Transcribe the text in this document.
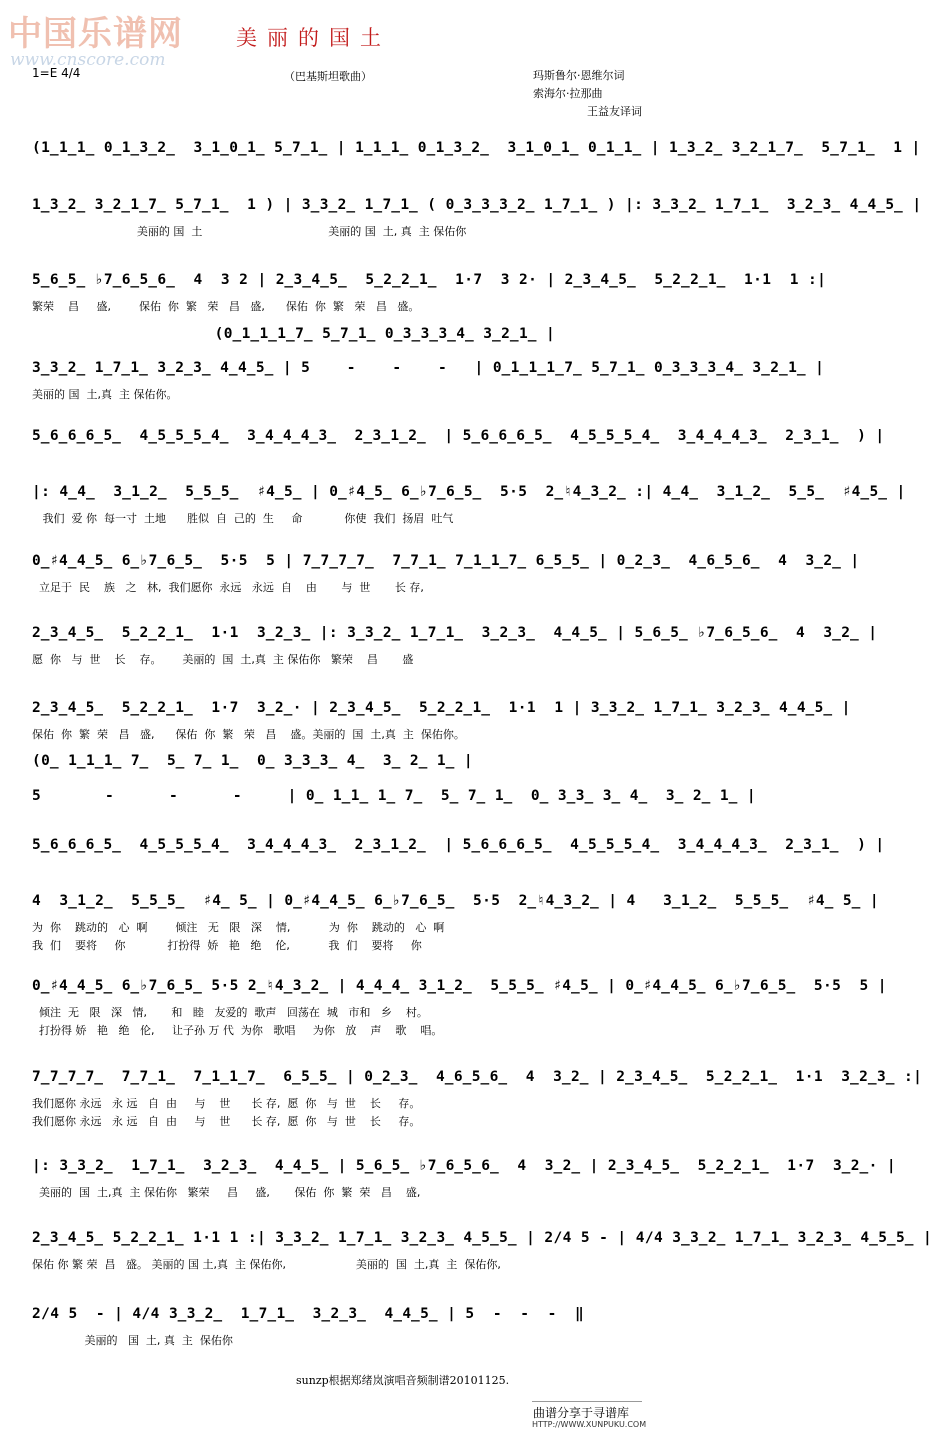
中国乐谱网
www.cnscore.com
美丽的国土
1=E 4/4	（巴基斯坦歌曲）	玛斯鲁尔·恩维尔词
索海尔·拉那曲
王益友译词
(1̲1̲1̲ 0̲1̲3̲2̲  3̲1̲0̲1̲ 5̲7̲1̲ | 1̲1̲1̲ 0̲1̲3̲2̲  3̲1̲0̲1̲ 0̲1̲1̲ | 1̲3̲2̲ 3̲2̲1̲7̲  5̲7̲1̲  1 |
1̲3̲2̲ 3̲2̲1̲7̲ 5̲7̲1̲  1 ) | 3̲3̲2̲ 1̲7̲1̲ ( 0̲3̲3̲3̲2̲ 1̲7̲1̲ ) |: 3̲3̲2̲ 1̲7̲1̲  3̲2̲3̲ 4̲4̲5̲ |
美丽的 国  土                                    美丽的 国  土, 真  主 保佑你
5̲6̲5̲ ♭7̲6̲5̲6̲  4  3 2 | 2̲3̲4̲5̲  5̲2̲2̲1̲  1·7  3 2· | 2̲3̲4̲5̲  5̲2̲2̲1̲  1·1  1 :|
繁荣    昌     盛,        保佑  你  繁   荣   昌   盛,      保佑  你  繁   荣   昌   盛。
(0̲1̲1̲1̲7̲ 5̲7̲1̲ 0̲3̲3̲3̲4̲ 3̲2̲1̲ |
3̲3̲2̲ 1̲7̲1̲ 3̲2̲3̲ 4̲4̲5̲ | 5    -    -    -   | 0̲1̲1̲1̲7̲ 5̲7̲1̲ 0̲3̲3̲3̲4̲ 3̲2̲1̲ |
美丽的 国  土,真  主 保佑你。
5̲6̲6̲6̲5̲  4̲5̲5̲5̲4̲  3̲4̲4̲4̲3̲  2̲3̲1̲2̲  | 5̲6̲6̲6̲5̲  4̲5̲5̲5̲4̲  3̲4̲4̲4̲3̲  2̲3̲1̲  ) |
|: 4̲4̲  3̲1̲2̲  5̲5̲5̲  ♯4̲5̲ | 0̲♯4̲5̲ 6̲♭7̲6̲5̲  5·5  2̲♮4̲3̲2̲ :| 4̲4̲  3̲1̲2̲  5̲5̲  ♯4̲5̲ |
我们  爱 你  每一寸  土地      胜似  自  己的  生     命            你使  我们  扬眉  吐气
0̲♯4̲4̲5̲ 6̲♭7̲6̲5̲  5·5  5 | 7̲7̲7̲7̲  7̲7̲1̲ 7̲1̲1̲7̲ 6̲5̲5̲ | 0̲2̲3̲  4̲6̲5̲6̲  4  3̲2̲ |
立足于  民    族   之   林,  我们愿你  永远   永远  自    由       与  世       长 存,
2̲3̲4̲5̲  5̲2̲2̲1̲  1·1  3̲2̲3̲ |: 3̲3̲2̲ 1̲7̲1̲  3̲2̲3̲  4̲4̲5̲ | 5̲6̲5̲ ♭7̲6̲5̲6̲  4  3̲2̲ |
愿  你   与  世    长    存。      美丽的  国  土,真  主 保佑你   繁荣    昌       盛
2̲3̲4̲5̲  5̲2̲2̲1̲  1·7  3̲2̲· | 2̲3̲4̲5̲  5̲2̲2̲1̲  1·1  1 | 3̲3̲2̲ 1̲7̲1̲ 3̲2̲3̲ 4̲4̲5̲ |
保佑  你  繁  荣   昌   盛,      保佑  你  繁   荣   昌    盛。美丽的  国  土,真  主  保佑你。
(0̲ 1̲1̲1̲ 7̲  5̲ 7̲ 1̲  0̲ 3̲3̲3̲ 4̲  3̲ 2̲ 1̲ |
5       -      -      -     | 0̲ 1̲1̲ 1̲ 7̲  5̲ 7̲ 1̲  0̲ 3̲3̲ 3̲ 4̲  3̲ 2̲ 1̲ |
5̲6̲6̲6̲5̲  4̲5̲5̲5̲4̲  3̲4̲4̲4̲3̲  2̲3̲1̲2̲  | 5̲6̲6̲6̲5̲  4̲5̲5̲5̲4̲  3̲4̲4̲4̲3̲  2̲3̲1̲  ) |
4  3̲1̲2̲  5̲5̲5̲  ♯4̲ 5̲ | 0̲♯4̲4̲5̲ 6̲♭7̲6̲5̲  5·5  2̲♮4̲3̲2̲ | 4   3̲1̲2̲  5̲5̲5̲  ♯4̲ 5̲ |
为  你    跳动的   心  啊        倾注   无   限   深    情,           为  你    跳动的   心  啊
我  们    要将     你            打扮得  娇   艳   绝    伦,           我  们    要将     你
0̲♯4̲4̲5̲ 6̲♭7̲6̲5̲ 5·5 2̲♮4̲3̲2̲ | 4̲4̲4̲ 3̲1̲2̲  5̲5̲5̲ ♯4̲5̲ | 0̲♯4̲4̲5̲ 6̲♭7̲6̲5̲  5·5  5 |
倾注  无   限   深   情,       和   睦   友爱的  歌声   回荡在  城   市和   乡    村。
打扮得 娇   艳   绝   伦,     让子孙 万 代  为你   歌唱     为你   放    声    歌    唱。
7̲7̲7̲7̲  7̲7̲1̲  7̲1̲1̲7̲  6̲5̲5̲ | 0̲2̲3̲  4̲6̲5̲6̲  4  3̲2̲ | 2̲3̲4̲5̲  5̲2̲2̲1̲  1·1  3̲2̲3̲ :|
我们愿你 永远   永 远   自  由     与    世      长 存,  愿  你   与  世    长     存。
我们愿你 永远   永 远   自  由     与    世      长 存,  愿  你   与  世    长     存。
|: 3̲3̲2̲  1̲7̲1̲  3̲2̲3̲  4̲4̲5̲ | 5̲6̲5̲ ♭7̲6̲5̲6̲  4  3̲2̲ | 2̲3̲4̲5̲  5̲2̲2̲1̲  1·7  3̲2̲· |
美丽的  国  土,真  主 保佑你   繁荣     昌     盛,       保佑  你  繁  荣   昌    盛,
2̲3̲4̲5̲ 5̲2̲2̲1̲ 1·1 1 :| 3̲3̲2̲ 1̲7̲1̲ 3̲2̲3̲ 4̲5̲5̲ | 2/4 5 - | 4/4 3̲3̲2̲ 1̲7̲1̲ 3̲2̲3̲ 4̲5̲5̲ |
保佑 你 繁 荣  昌   盛。 美丽的 国 土,真  主 保佑你,                    美丽的  国  土,真  主  保佑你,
2/4 5  - | 4/4 3̲3̲2̲  1̲7̲1̲  3̲2̲3̲  4̲4̲5̲ | 5  -  -  -  ‖
美丽的   国  土, 真  主  保佑你
sunzp根据郑绪岚演唱音频制谱20101125.
曲谱分享于寻谱库
HTTP://WWW.XUNPUKU.COM
